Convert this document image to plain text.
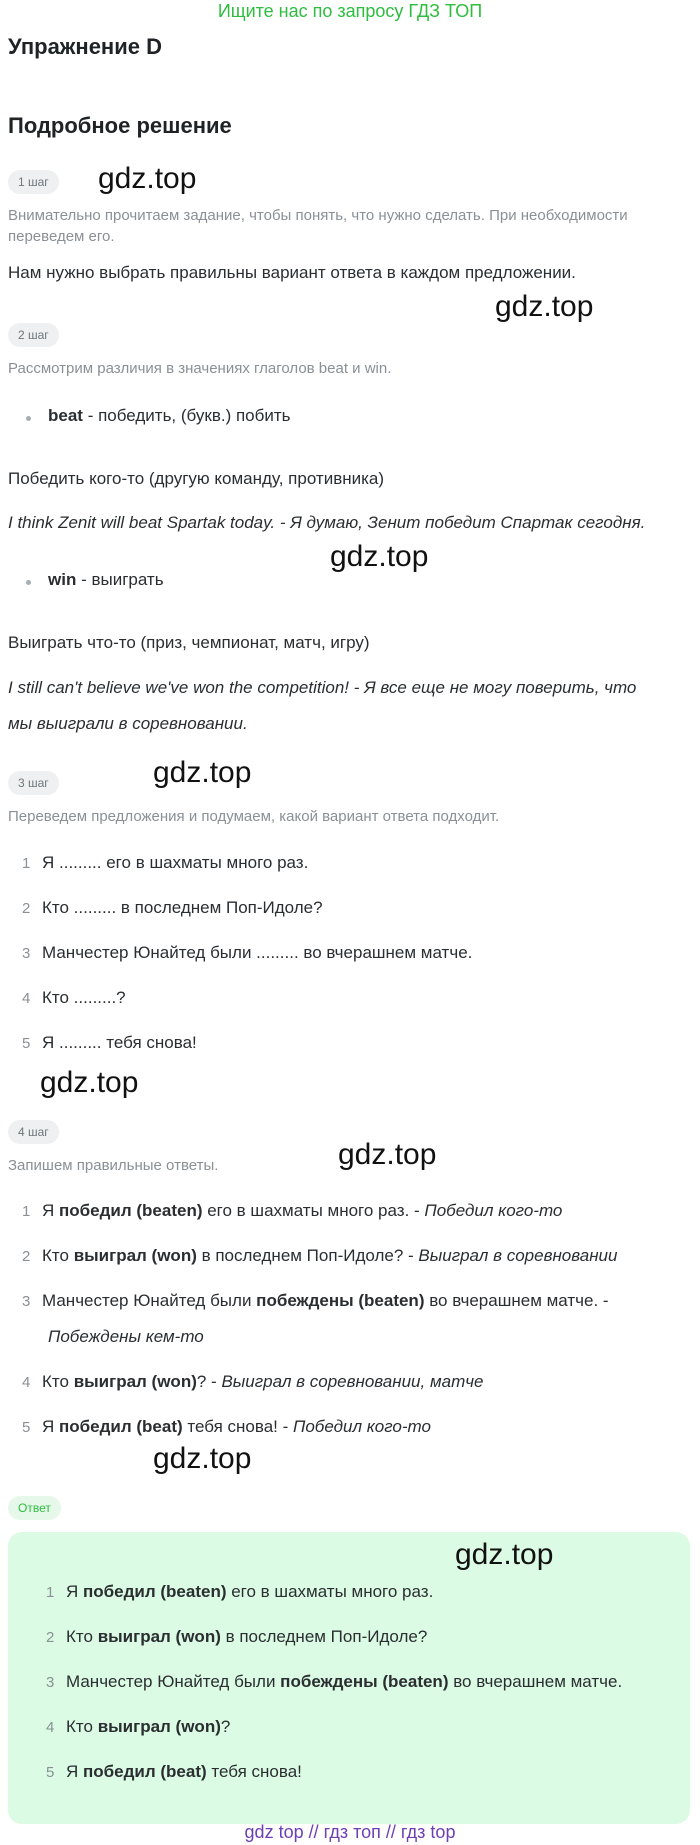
Ищите нас по запросу ГДЗ ТОП
Упражнение D
Подробное решение
1 шаг	gdz.top
Внимательно прочитаем задание, чтобы понять, что нужно сделать. При необходимости переведем его.
Нам нужно выбрать правильны вариант ответа в каждом предложении.
gdz.top
2 шаг
Рассмотрим различия в значениях глаголов beat и win.
beat - победить, (букв.) побить
Победить кого-то (другую команду, противника)
I think Zenit will beat Spartak today. - Я думаю, Зенит победит Спартак сегодня.
gdz.top
win - выиграть
Выиграть что-то (приз, чемпионат, матч, игру)
I still can't believe we've won the competition! - Я все еще не могу поверить, что
мы выиграли в соревновании.
3 шаг	gdz.top
Переведем предложения и подумаем, какой вариант ответа подходит.
1 Я ......... его в шахматы много раз.
2 Кто ......... в последнем Поп-Идоле?
3 Манчестер Юнайтед были ......... во вчерашнем матче.
4 Кто .........?
5 Я ......... тебя снова!
gdz.top
4 шаг
gdz.top
Запишем правильные ответы.
1 Я победил (beaten) его в шахматы много раз. - Победил кого-то
2 Кто выиграл (won) в последнем Поп-Идоле? - Выиграл в соревновании
3 Манчестер Юнайтед были побеждены (beaten) во вчерашнем матче. -
Побеждены кем-то
4 Кто выиграл (won)? - Выиграл в соревновании, матче
5 Я победил (beat) тебя снова! - Победил кого-то
gdz.top
Ответ
gdz.top
1 Я победил (beaten) его в шахматы много раз.
2 Кто выиграл (won) в последнем Поп-Идоле?
3 Манчестер Юнайтед были побеждены (beaten) во вчерашнем матче.
4 Кто выиграл (won)?
5 Я победил (beat) тебя снова!
gdz top // гдз топ // гдз top
